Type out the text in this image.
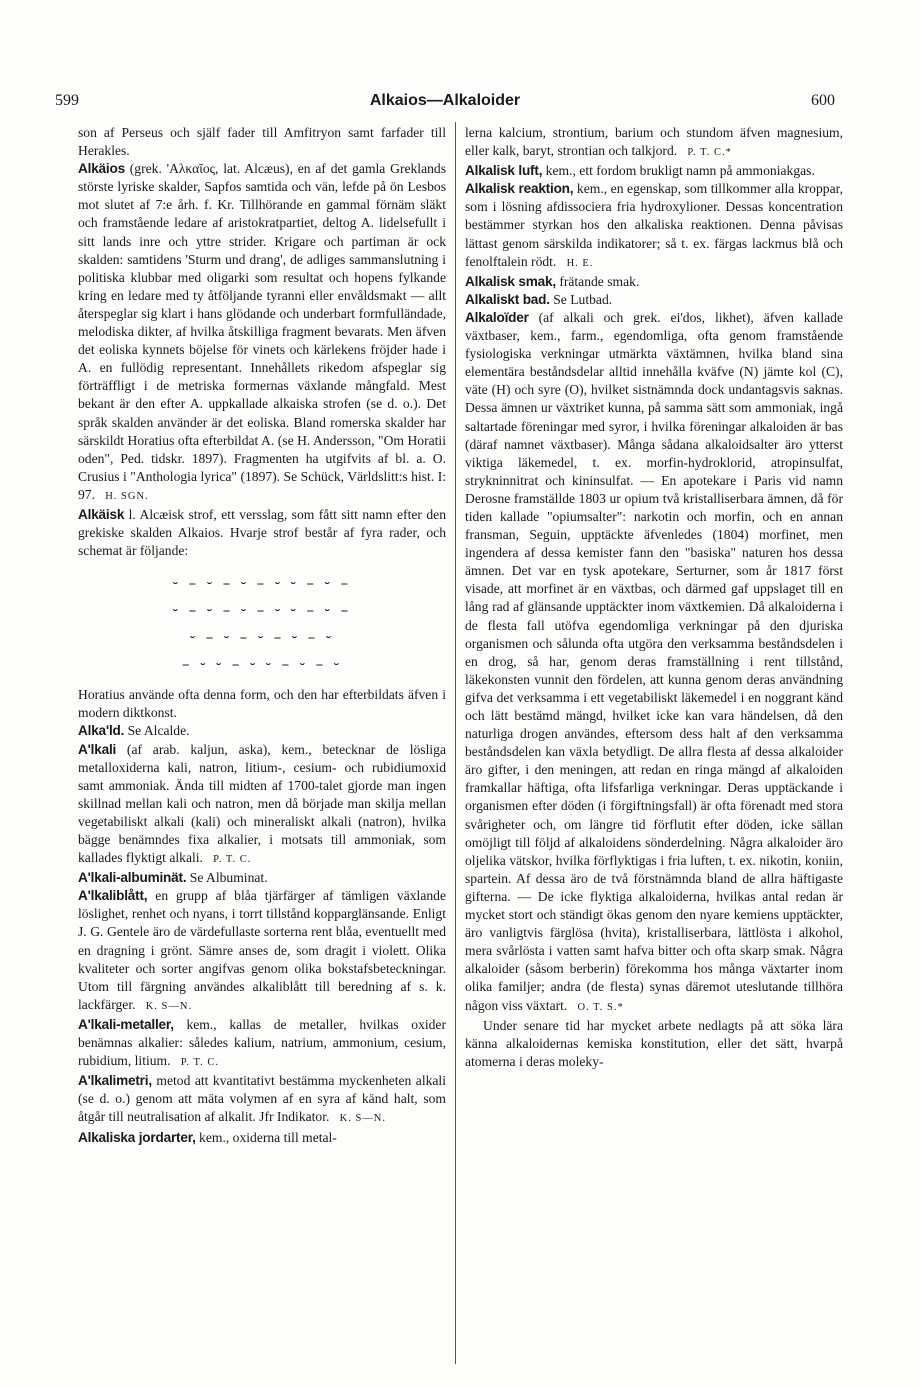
599	Alkaios—Alkaloider	600

son af Perseus och själf fader till Amfitryon samt farfader till Herakles.

Alkäios (grek. 'Αλκαῖος, lat. Alcæus), en af det gamla Greklands störste lyriske skalder, Sapfos samtida och vän, lefde på ön Lesbos mot slutet af 7:e årh. f. Kr. Tillhörande en gammal förnäm släkt och framstående ledare af aristokratpartiet, deltog A. lidelsefullt i sitt lands inre och yttre strider. Krigare och partiman är ock skalden: samtidens 'Sturm und drang', de adliges sammanslutning i politiska klubbar med oligarki som resultat och hopens fylkande kring en ledare med ty åtföljande tyranni eller envåldsmakt — allt återspeglar sig klart i hans glödande och underbart formfulländade, melodiska dikter, af hvilka åtskilliga fragment bevarats. Men äfven det eoliska kynnets böjelse för vinets och kärlekens fröjder hade i A. en fullödig representant. Innehållets rikedom afspeglar sig förträffligt i de metriska formernas växlande mångfald. Mest bekant är den efter A. uppkallade alkaiska strofen (se d. o.). Det språk skalden använder är det eoliska. Bland romerska skalder har särskildt Horatius ofta efterbildat A. (se H. Andersson, "Om Horatii oden", Ped. tidskr. 1897). Fragmenten ha utgifvits af bl. a. O. Crusius i "Anthologia lyrica" (1897). Se Schück, Världslitt:s hist. I: 97. H. SGN.

Alkäisk l. Alcæisk strof, ett versslag, som fått sitt namn efter den grekiske skalden Alkaios. Hvarje strof består af fyra rader, och schemat är följande:

⏑ – ⏑ – ⏑ – ⏑ ⏑ – ⏑ –
⏑ – ⏑ – ⏑ – ⏑ ⏑ – ⏑ –
⏑ – ⏑ – ⏑ – ⏑ – ⏑
– ⏑ ⏑ – ⏑ ⏑ – ⏑ – ⏑

Horatius använde ofta denna form, och den har efterbildats äfven i modern diktkonst.

Alka'ld. Se Alcalde.

A'lkali (af arab. kaljun, aska), kem., betecknar de lösliga metalloxiderna kali, natron, litium-, cesium- och rubidiumoxid samt ammoniak. Ända till midten af 1700-talet gjorde man ingen skillnad mellan kali och natron, men då började man skilja mellan vegetabiliskt alkali (kali) och mineraliskt alkali (natron), hvilka bägge benämndes fixa alkalier, i motsats till ammoniak, som kallades flyktigt alkali. P. T. C.

A'lkali-albuminät. Se Albuminat.

A'lkaliblått, en grupp af blåa tjärfärger af tämligen växlande löslighet, renhet och nyans, i torrt tillstånd kopparglänsande. Enligt J. G. Gentele äro de värdefullaste sorterna rent blåa, eventuellt med en dragning i grönt. Sämre anses de, som dragit i violett. Olika kvaliteter och sorter angifvas genom olika bokstafsbeteckningar. Utom till färgning användes alkaliblått till beredning af s. k. lackfärger. K. S—N.

A'lkali-metaller, kem., kallas de metaller, hvilkas oxider benämnas alkalier: således kalium, natrium, ammonium, cesium, rubidium, litium. P. T. C.

A'lkalimetri, metod att kvantitativt bestämma myckenheten alkali (se d. o.) genom att mäta volymen af en syra af känd halt, som åtgår till neutralisation af alkalit. Jfr Indikator. K. S—N.

Alkaliska jordarter, kem., oxiderna till metal-

lerna kalcium, strontium, barium och stundom äfven magnesium, eller kalk, baryt, strontian och talkjord. P. T. C.*

Alkalisk luft, kem., ett fordom brukligt namn på ammoniakgas.

Alkalisk reaktion, kem., en egenskap, som tillkommer alla kroppar, som i lösning afdissociera fria hydroxylioner. Dessas koncentration bestämmer styrkan hos den alkaliska reaktionen. Denna påvisas lättast genom särskilda indikatorer; så t. ex. färgas lackmus blå och fenolftalein rödt. H. E.

Alkalisk smak, frätande smak.

Alkaliskt bad. Se Lutbad.

Alkaloïder (af alkali och grek. ei'dos, likhet), äfven kallade växtbaser, kem., farm., egendomliga, ofta genom framstående fysiologiska verkningar utmärkta växtämnen, hvilka bland sina elementära beståndsdelar alltid innehålla kväfve (N) jämte kol (C), väte (H) och syre (O), hvilket sistnämnda dock undantagsvis saknas. Dessa ämnen ur växtriket kunna, på samma sätt som ammoniak, ingå saltartade föreningar med syror, i hvilka föreningar alkaloiden är bas (däraf namnet växtbaser). Många sådana alkaloidsalter äro ytterst viktiga läkemedel, t. ex. morfin-hydroklorid, atropinsulfat, strykninnitrat och kininsulfat. — En apotekare i Paris vid namn Derosne framställde 1803 ur opium två kristalliserbara ämnen, då för tiden kallade "opiumsalter": narkotin och morfin, och en annan fransman, Seguin, upptäckte äfvenledes (1804) morfinet, men ingendera af dessa kemister fann den "basiska" naturen hos dessa ämnen. Det var en tysk apotekare, Serturner, som år 1817 först visade, att morfinet är en växtbas, och därmed gaf uppslaget till en lång rad af glänsande upptäckter inom växtkemien. Då alkaloiderna i de flesta fall utöfva egendomliga verkningar på den djuriska organismen och sålunda ofta utgöra den verksamma beståndsdelen i en drog, så har, genom deras framställning i rent tillstånd, läkekonsten vunnit den fördelen, att kunna genom deras användning gifva det verksamma i ett vegetabiliskt läkemedel i en noggrant känd och lätt bestämd mängd, hvilket icke kan vara händelsen, då den naturliga drogen användes, eftersom dess halt af den verksamma beståndsdelen kan växla betydligt. De allra flesta af dessa alkaloider äro gifter, i den meningen, att redan en ringa mängd af alkaloiden framkallar häftiga, ofta lifsfarliga verkningar. Deras upptäckande i organismen efter döden (i förgiftningsfall) är ofta förenadt med stora svårigheter och, om längre tid förflutit efter döden, icke sällan omöjligt till följd af alkaloidens sönderdelning. Några alkaloider äro oljelika vätskor, hvilka förflyktigas i fria luften, t. ex. nikotin, koniin, spartein. Af dessa äro de två förstnämnda bland de allra häftigaste gifterna. — De icke flyktiga alkaloiderna, hvilkas antal redan är mycket stort och ständigt ökas genom den nyare kemiens upptäckter, äro vanligtvis färglösa (hvita), kristalliserbara, lättlösta i alkohol, mera svårlösta i vatten samt hafva bitter och ofta skarp smak. Några alkaloider (såsom berberin) förekomma hos många växtarter inom olika familjer; andra (de flesta) synas däremot uteslutande tillhöra någon viss växtart. O. T. S.*

Under senare tid har mycket arbete nedlagts på att söka lära känna alkaloidernas kemiska konstitution, eller det sätt, hvarpå atomerna i deras moleky-
